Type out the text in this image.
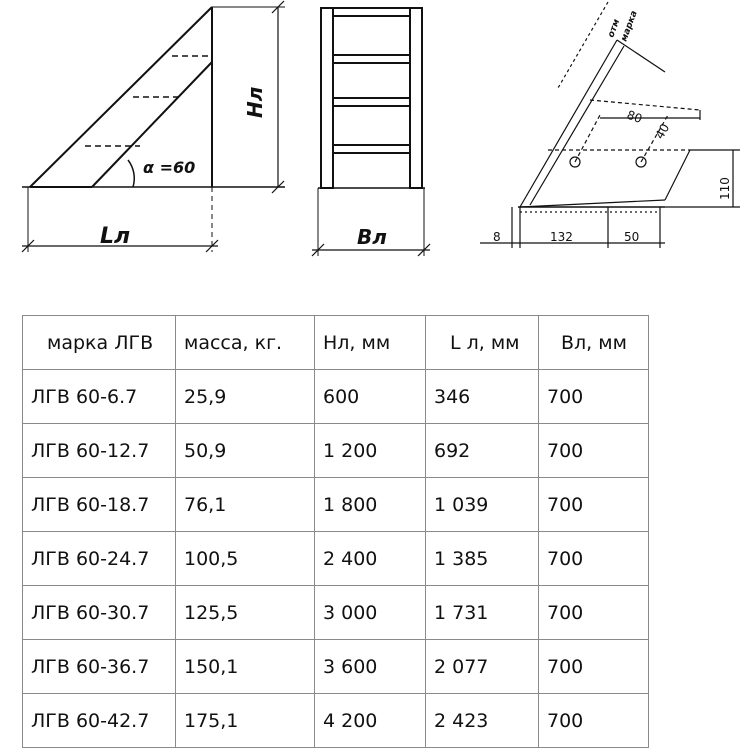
α =60
Нл
Lл	Вл
отм
марка
80
40
110
8	132	50
марка ЛГВ	масса, кг.	Нл, мм	L л, мм	Вл, мм
ЛГВ 60-6.7	25,9	600	346	700
ЛГВ 60-12.7	50,9	1 200	692	700
ЛГВ 60-18.7	76,1	1 800	1 039	700
ЛГВ 60-24.7	100,5	2 400	1 385	700
ЛГВ 60-30.7	125,5	3 000	1 731	700
ЛГВ 60-36.7	150,1	3 600	2 077	700
ЛГВ 60-42.7	175,1	4 200	2 423	700
